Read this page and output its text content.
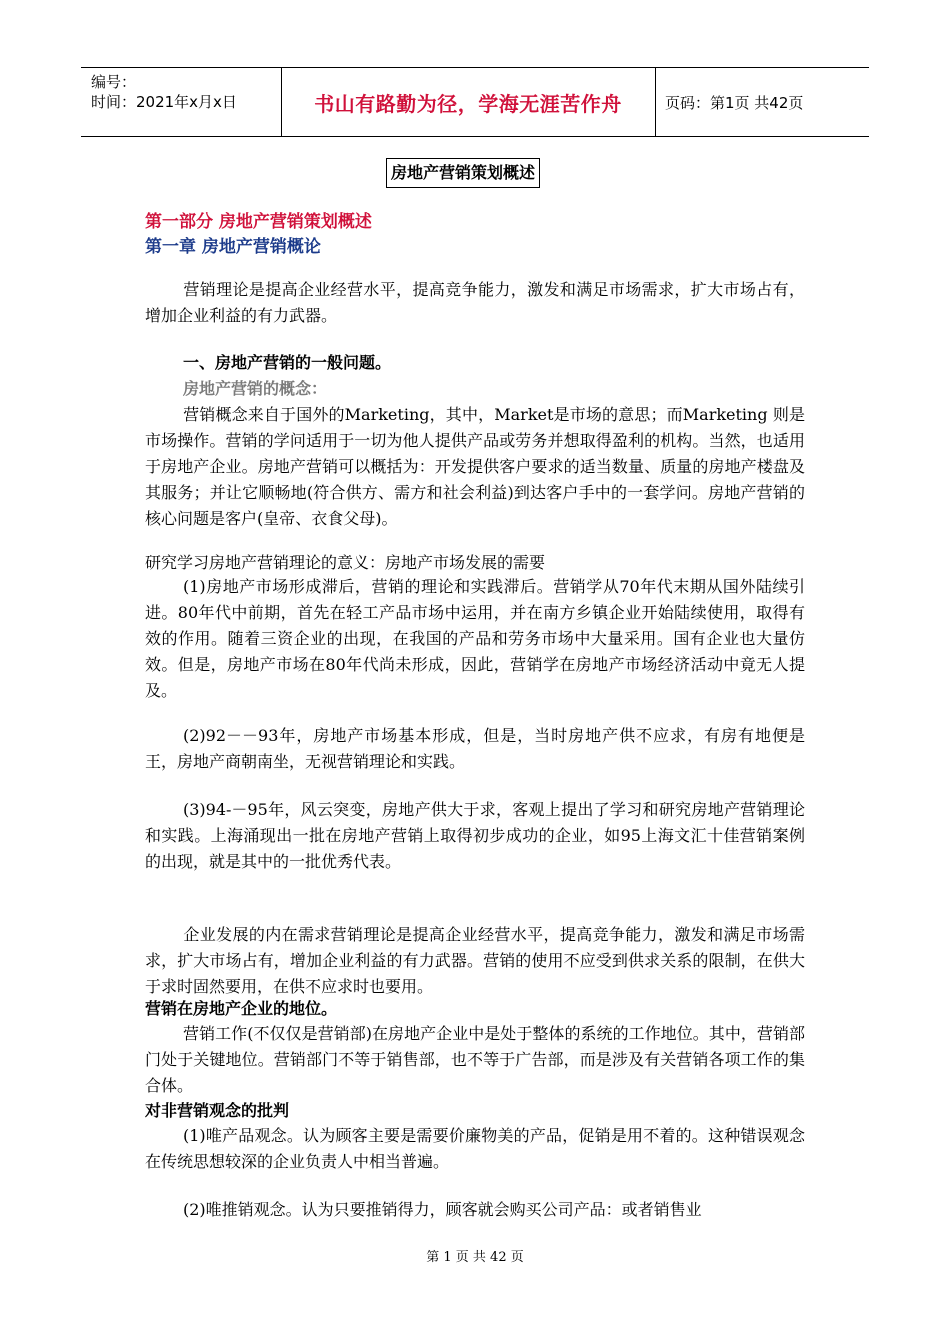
编号：
时间：2021年x月x日	书山有路勤为径，学海无涯苦作舟	页码：第1页 共42页
房地产营销策划概述
第一部分 房地产营销策划概述
第一章 房地产营销概论
营销理论是提高企业经营水平，提高竞争能力，激发和满足市场需求，扩大市场占有，增加企业利益的有力武器。
一、房地产营销的一般问题。
房地产营销的概念：
营销概念来自于国外的Marketing，其中，Market是市场的意思；而Marketing 则是市场操作。营销的学问适用于一切为他人提供产品或劳务并想取得盈利的机构。当然，也适用于房地产企业。房地产营销可以概括为：开发提供客户要求的适当数量、质量的房地产楼盘及其服务；并让它顺畅地(符合供方、需方和社会利益)到达客户手中的一套学问。房地产营销的核心问题是客户(皇帝、衣食父母)。
研究学习房地产营销理论的意义：房地产市场发展的需要
(1)房地产市场形成滞后，营销的理论和实践滞后。营销学从70年代末期从国外陆续引进。80年代中前期，首先在轻工产品市场中运用，并在南方乡镇企业开始陆续使用，取得有效的作用。随着三资企业的出现，在我国的产品和劳务市场中大量采用。国有企业也大量仿效。但是，房地产市场在80年代尚未形成，因此，营销学在房地产市场经济活动中竟无人提及。
(2)92－－93年，房地产市场基本形成，但是，当时房地产供不应求，有房有地便是王，房地产商朝南坐，无视营销理论和实践。
(3)94-－95年，风云突变，房地产供大于求，客观上提出了学习和研究房地产营销理论和实践。上海涌现出一批在房地产营销上取得初步成功的企业，如95上海文汇十佳营销案例的出现，就是其中的一批优秀代表。
企业发展的内在需求营销理论是提高企业经营水平，提高竞争能力，激发和满足市场需求，扩大市场占有，增加企业利益的有力武器。营销的使用不应受到供求关系的限制，在供大于求时固然要用，在供不应求时也要用。
营销在房地产企业的地位。
营销工作(不仅仅是营销部)在房地产企业中是处于整体的系统的工作地位。其中，营销部门处于关键地位。营销部门不等于销售部，也不等于广告部，而是涉及有关营销各项工作的集合体。
对非营销观念的批判
(1)唯产品观念。认为顾客主要是需要价廉物美的产品，促销是用不着的。这种错误观念在传统思想较深的企业负责人中相当普遍。
(2)唯推销观念。认为只要推销得力，顾客就会购买公司产品：或者销售业
第 1 页 共 42 页
